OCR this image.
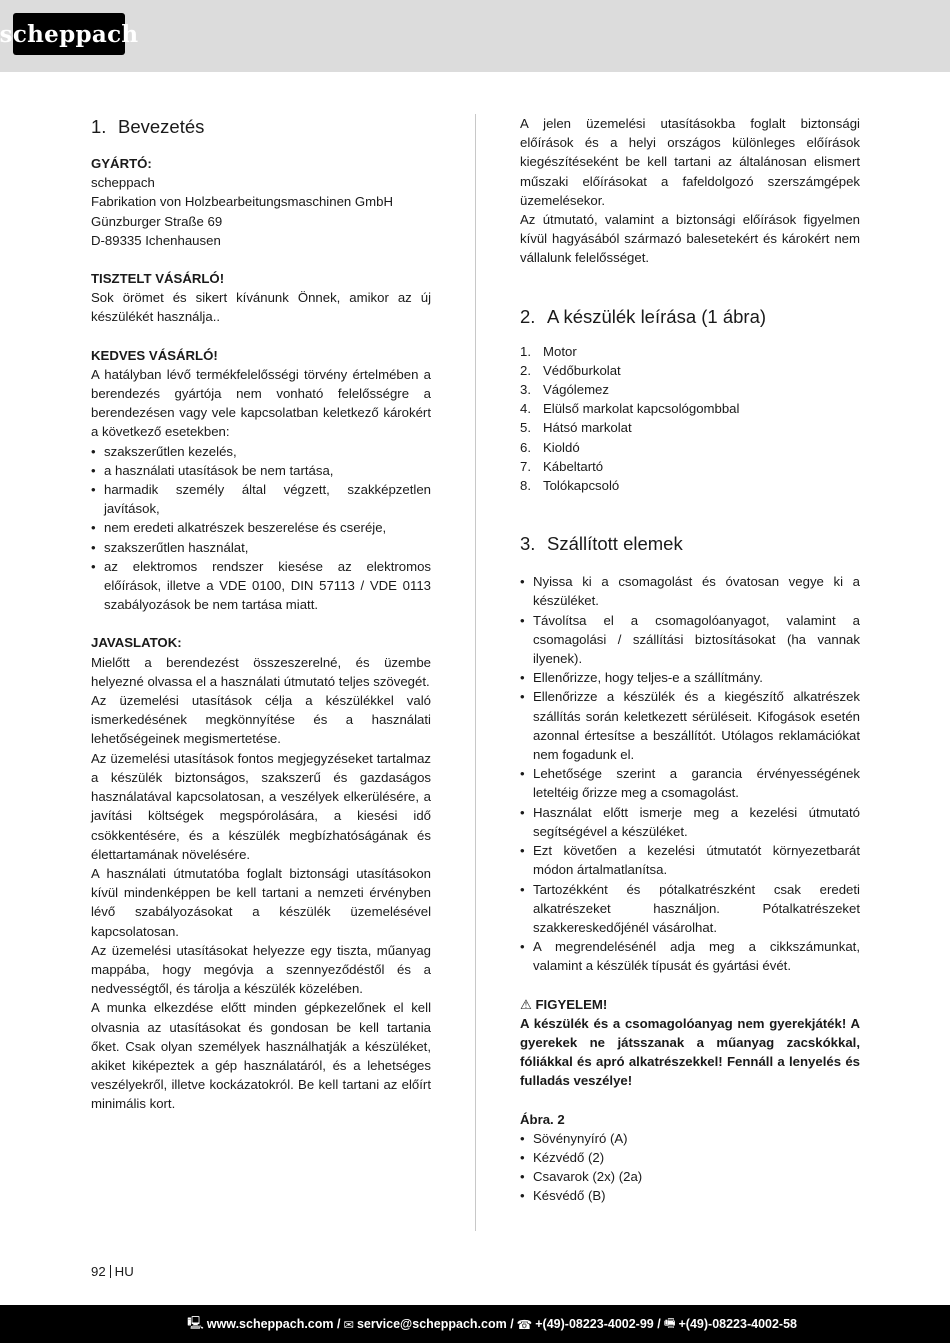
scheppach
1. Bevezetés

GYÁRTÓ:

scheppach

Fabrikation von Holzbearbeitungsmaschinen GmbH

Günzburger Straße 69

D-89335 Ichenhausen

TISZTELT VÁSÁRLÓ!

Sok örömet és sikert kívánunk Önnek, amikor az új készülékét használja..

KEDVES VÁSÁRLÓ!

A hatályban lévő termékfelelősségi törvény értelmében a berendezés gyártója nem vonható felelősségre a berendezésen vagy vele kapcsolatban keletkező károkért a következő esetekben:

• szakszerűtlen kezelés,
• a használati utasítások be nem tartása,
• harmadik személy által végzett, szakképzetlen javítások,
• nem eredeti alkatrészek beszerelése és cseréje,
• szakszerűtlen használat,
• az elektromos rendszer kiesése az elektromos előírások, illetve a VDE 0100, DIN 57113 / VDE 0113 szabályozások be nem tartása miatt.

JAVASLATOK:

Mielőtt a berendezést összeszerelné, és üzembe helyezné olvassa el a használati útmutató teljes szövegét.

Az üzemelési utasítások célja a készülékkel való ismerkedésének megkönnyítése és a használati lehetőségeinek megismertetése.

Az üzemelési utasítások fontos megjegyzéseket tartalmaz a készülék biztonságos, szakszerű és gazdaságos használatával kapcsolatosan, a veszélyek elkerülésére, a javítási költségek megspórolására, a kiesési idő csökkentésére, és a készülék megbízhatóságának és élettartamának növelésére.

A használati útmutatóba foglalt biztonsági utasításokon kívül mindenképpen be kell tartani a nemzeti érvényben lévő szabályozásokat a készülék üzemelésével kapcsolatosan.

Az üzemelési utasításokat helyezze egy tiszta, műanyag mappába, hogy megóvja a szennyeződéstől és a nedvességtől, és tárolja a készülék közelében.

A munka elkezdése előtt minden gépkezelőnek el kell olvasnia az utasításokat és gondosan be kell tartania őket. Csak olyan személyek használhatják a készüléket, akiket kiképeztek a gép használatáról, és a lehetséges veszélyekről, illetve kockázatokról. Be kell tartani az előírt minimális kort.

A jelen üzemelési utasításokba foglalt biztonsági előírások és a helyi országos különleges előírások kiegészítéseként be kell tartani az általánosan elismert műszaki előírásokat a fafeldolgozó szerszámgépek üzemelésekor.

Az útmutató, valamint a biztonsági előírások figyelmen kívül hagyásából származó balesetekért és károkért nem vállalunk felelősséget.

2. A készülék leírása (1 ábra)
1. Motor
2. Védőburkolat
3. Vágólemez
4. Elülső markolat kapcsológombbal
5. Hátsó markolat
6. Kioldó
7. Kábeltartó
8. Tolókapcsoló
3. Szállított elemek
• Nyissa ki a csomagolást és óvatosan vegye ki a készüléket.
• Távolítsa el a csomagolóanyagot, valamint a csomagolási / szállítási biztosításokat (ha vannak ilyenek).
• Ellenőrizze, hogy teljes-e a szállítmány.
• Ellenőrizze a készülék és a kiegészítő alkatrészek szállítás során keletkezett sérüléseit. Kifogások esetén azonnal értesítse a beszállítót. Utólagos reklamációkat nem fogadunk el.
• Lehetősége szerint a garancia érvényességének leteltéig őrizze meg a csomagolást.
• Használat előtt ismerje meg a kezelési útmutató segítségével a készüléket.
• Ezt követően a kezelési útmutatót környezetbarát módon ártalmatlanítsa.
• Tartozékként és pótalkatrészként csak eredeti alkatrészeket használjon. Pótalkatrészeket szakkereskedőjénél vásárolhat.
• A megrendelésénél adja meg a cikkszámunkat, valamint a készülék típusát és gyártási évét.

⚠ FIGYELEM!

A készülék és a csomagolóanyag nem gyerekjáték! A gyerekek ne játsszanak a műanyag zacskókkal, fóliákkal és apró alkatrészekkel! Fennáll a lenyelés és fulladás veszélye!

Ábra. 2

• Sövénynyíró (A)
• Kézvédő (2)
• Csavarok (2x) (2a)
• Késvédő (B)
92 HU
🖳 www.scheppach.com / ✉ service@scheppach.com / ☎ +(49)-08223-4002-99 / 🖷 +(49)-08223-4002-58
